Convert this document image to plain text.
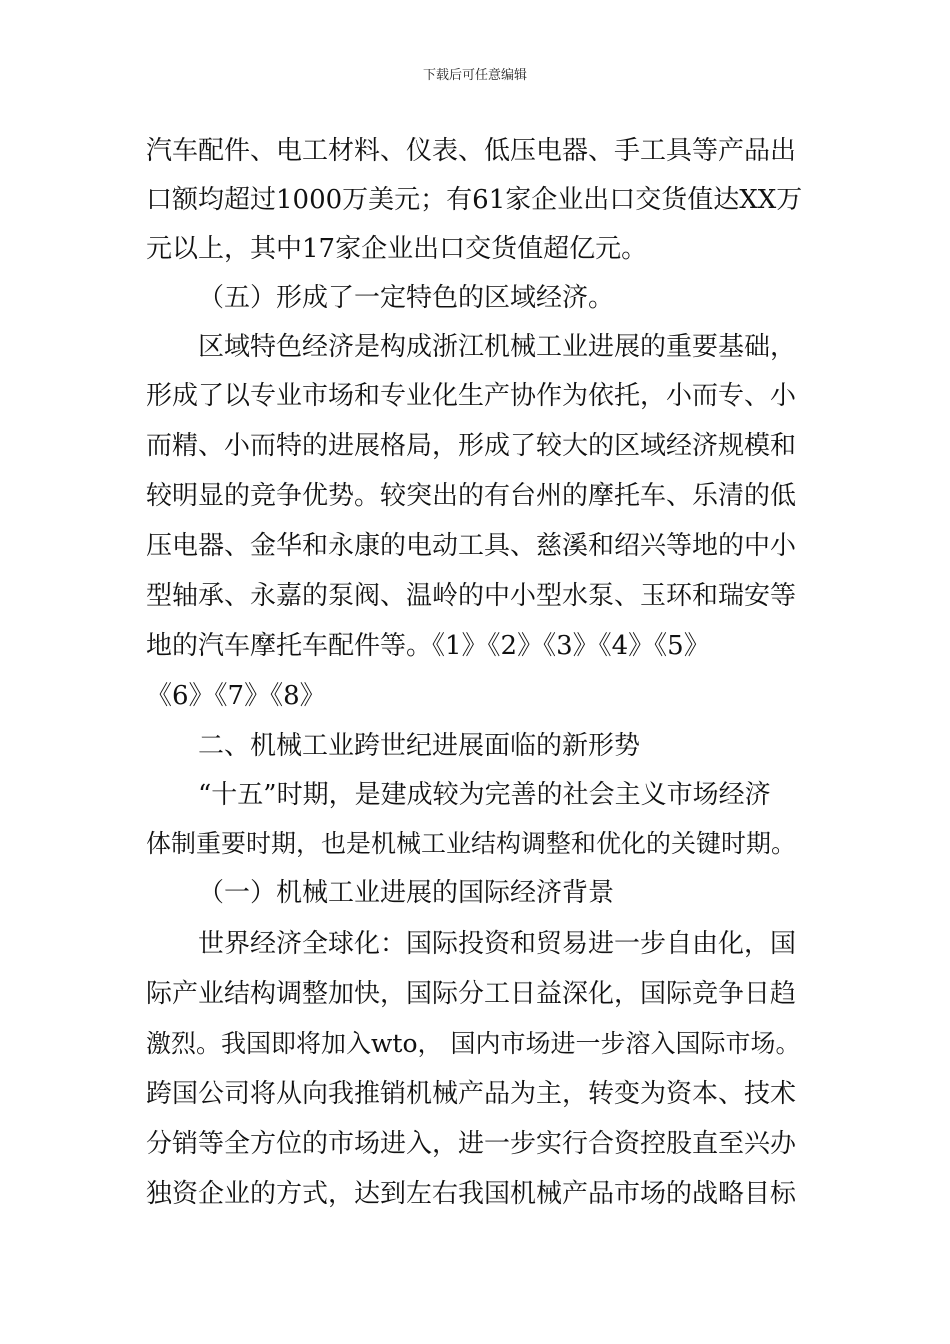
下载后可任意编辑
汽车配件、电工材料、仪表、低压电器、手工具等产品出
口额均超过1000万美元；有61家企业出口交货值达XX万
元以上，其中17家企业出口交货值超亿元。
（五）形成了一定特色的区域经济。
区域特色经济是构成浙江机械工业进展的重要基础，
形成了以专业市场和专业化生产协作为依托，小而专、小
而精、小而特的进展格局，形成了较大的区域经济规模和
较明显的竞争优势。较突出的有台州的摩托车、乐清的低
压电器、金华和永康的电动工具、慈溪和绍兴等地的中小
型轴承、永嘉的泵阀、温岭的中小型水泵、玉环和瑞安等
地的汽车摩托车配件等。《1》《2》《3》《4》《5》
《6》《7》《8》
二、机械工业跨世纪进展面临的新形势
“十五”时期，是建成较为完善的社会主义市场经济
体制重要时期，也是机械工业结构调整和优化的关键时期。
（一）机械工业进展的国际经济背景
世界经济全球化：国际投资和贸易进一步自由化，国
际产业结构调整加快，国际分工日益深化，国际竞争日趋
激烈。我国即将加入wto， 国内市场进一步溶入国际市场。
跨国公司将从向我推销机械产品为主，转变为资本、技术
分销等全方位的市场进入，进一步实行合资控股直至兴办
独资企业的方式，达到左右我国机械产品市场的战略目标
